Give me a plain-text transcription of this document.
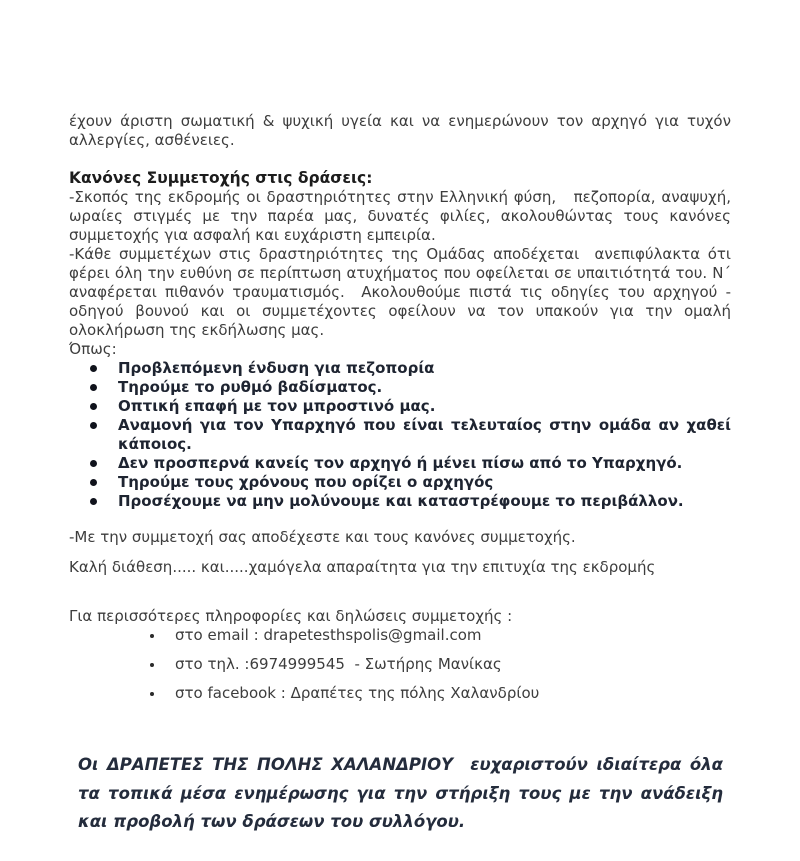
έχουν άριστη σωματική & ψυχική υγεία και να ενημερώνουν τον αρχηγό για τυχόν αλλεργίες, ασθένειες.

Κανόνες Συμμετοχής στις δράσεις:

-Σκοπός της εκδρομής οι δραστηριότητες στην Ελληνική φύση,   πεζοπορία, αναψυχή, ωραίες στιγμές με την παρέα μας, δυνατές φιλίες, ακολουθώντας τους κανόνες συμμετοχής για ασφαλή και ευχάριστη εμπειρία.

-Κάθε συμμετέχων στις δραστηριότητες της Ομάδας αποδέχεται  ανεπιφύλακτα ότι φέρει όλη την ευθύνη σε περίπτωση ατυχήματος που οφείλεται σε υπαιτιότητά του. Ν΄ αναφέρεται πιθανόν τραυματισμός.  Ακολουθούμε πιστά τις οδηγίες του αρχηγού - οδηγού βουνού και οι συμμετέχοντες οφείλουν να τον υπακούν για την ομαλή ολοκλήρωση της εκδήλωσης μας.

Όπως:

Προβλεπόμενη ένδυση για πεζοπορία
Τηρούμε το ρυθμό βαδίσματος.
Οπτική επαφή με τον μπροστινό μας.
Αναμονή για τον Υπαρχηγό που είναι τελευταίος στην ομάδα αν χαθεί κάποιος.
Δεν προσπερνά κανείς τον αρχηγό ή μένει πίσω από το Υπαρχηγό.
Τηρούμε τους χρόνους που ορίζει ο αρχηγός
Προσέχουμε να μην μολύνουμε και καταστρέφουμε το περιβάλλον.

-Με την συμμετοχή σας αποδέχεστε και τους κανόνες συμμετοχής.

Καλή διάθεση..... και.....χαμόγελα απαραίτητα για την επιτυχία της εκδρομής

Για περισσότερες πληροφορίες και δηλώσεις συμμετοχής :

στο email : drapetesthspolis@gmail.com
στο τηλ. :6974999545  - Σωτήρης Μανίκας
στο facebook : Δραπέτες της πόλης Χαλανδρίου

Οι ΔΡΑΠΕΤΕΣ ΤΗΣ ΠΟΛΗΣ ΧΑΛΑΝΔΡΙΟΥ  ευχαριστούν ιδιαίτερα όλα τα τοπικά μέσα ενημέρωσης για την στήριξη τους με την ανάδειξη και προβολή των δράσεων του συλλόγου.
